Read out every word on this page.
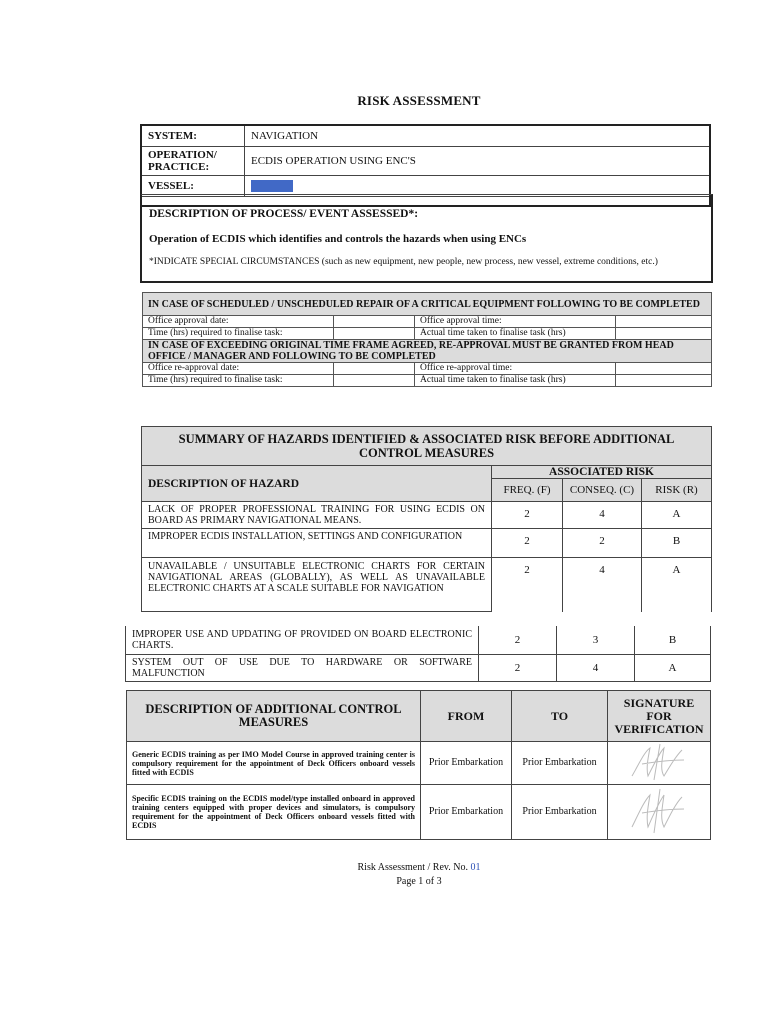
RISK ASSESSMENT
SYSTEM:	NAVIGATION
OPERATION/ PRACTICE:	ECDIS OPERATION USING ENC'S
VESSEL:	

DESCRIPTION OF PROCESS/ EVENT ASSESSED*:
Operation of ECDIS which identifies and controls the hazards when using ENCs
*INDICATE SPECIAL CIRCUMSTANCES (such as new equipment, new people, new process, new vessel, extreme conditions, etc.)
IN CASE OF SCHEDULED / UNSCHEDULED REPAIR OF A CRITICAL EQUIPMENT FOLLOWING TO BE COMPLETED			
Office approval date:		Office approval time:	
Time (hrs) required to finalise task:		Actual time taken to finalise task (hrs)	
IN CASE OF EXCEEDING ORIGINAL TIME FRAME AGREED, RE-APPROVAL MUST BE GRANTED FROM HEAD OFFICE / MANAGER AND FOLLOWING TO BE COMPLETED			
Office re-approval date:		Office re-approval time:	
Time (hrs) required to finalise task:		Actual time taken to finalise task (hrs)	
SUMMARY OF HAZARDS IDENTIFIED & ASSOCIATED RISK BEFORE ADDITIONAL CONTROL MEASURES			
DESCRIPTION OF HAZARD	ASSOCIATED RISK		
	FREQ. (F)	CONSEQ. (C)	RISK (R)
LACK OF PROPER PROFESSIONAL TRAINING FOR USING ECDIS ON BOARD AS PRIMARY NAVIGATIONAL MEANS.	2	4	A
IMPROPER ECDIS INSTALLATION, SETTINGS AND CONFIGURATION	2	2	B
UNAVAILABLE / UNSUITABLE ELECTRONIC CHARTS FOR CERTAIN NAVIGATIONAL AREAS (GLOBALLY), AS WELL AS UNAVAILABLE ELECTRONIC CHARTS AT A SCALE SUITABLE FOR NAVIGATION	2	4	A
IMPROPER USE AND UPDATING OF PROVIDED ON BOARD ELECTRONIC CHARTS.	2	3	B
SYSTEM OUT OF USE DUE TO HARDWARE OR SOFTWARE MALFUNCTION	2	4	A
DESCRIPTION OF ADDITIONAL CONTROL MEASURES	FROM	TO	SIGNATURE FOR VERIFICATION
Generic ECDIS training as per IMO Model Course in approved training center is compulsory requirement for the appointment of Deck Officers onboard vessels fitted with ECDIS	Prior Embarkation	Prior Embarkation	
Specific ECDIS training on the ECDIS model/type installed onboard in approved training centers equipped with proper devices and simulators, is compulsory requirement for the appointment of Deck Officers onboard vessels fitted with ECDIS	Prior Embarkation	Prior Embarkation	
Risk Assessment / Rev. No. 01
Page 1 of 3
